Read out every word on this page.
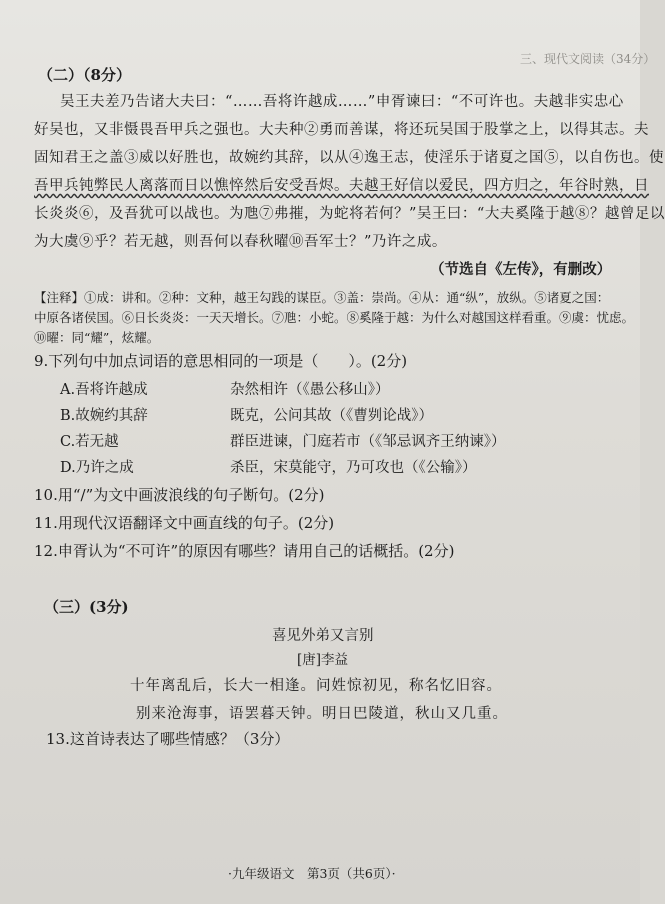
三、现代文阅读（34分）
（二）（8分）
吴王夫差乃告诸大夫曰：“……吾将许越成……”申胥谏曰：“不可许也。夫越非实忠心
好吴也，又非慑畏吾甲兵之强也。大夫种②勇而善谋，将还玩吴国于股掌之上，以得其志。夫
固知君王之盖③威以好胜也，故婉约其辞，以从④逸王志，使淫乐于诸夏之国⑤，以自伤也。使
吾甲兵钝弊民人离落而日以憔悴然后安受吾烬。夫越王好信以爱民，四方归之，年谷时熟，日
长炎炎⑥，及吾犹可以战也。为虺⑦弗摧，为蛇将若何？”吴王曰：“大夫奚隆于越⑧？越曾足以
为大虞⑨乎？若无越，则吾何以春秋曜⑩吾军士？”乃许之成。
（节选自《左传》，有删改）
【注释】①成：讲和。②种：文种，越王勾践的谋臣。③盖：崇尚。④从：通“纵”，放纵。⑤诸夏之国：
中原各诸侯国。⑥日长炎炎：一天天增长。⑦虺：小蛇。⑧奚隆于越：为什么对越国这样看重。⑨虞：忧虑。
⑩曜：同“耀”，炫耀。
9.下列句中加点词语的意思相同的一项是（　　）。(2分)
A.吾将许越成	杂然相许（《愚公移山》）
B.故婉约其辞	既克，公问其故（《曹刿论战》）
C.若无越	群臣进谏，门庭若市（《邹忌讽齐王纳谏》）
D.乃许之成	杀臣，宋莫能守，乃可攻也（《公输》）
10.用“/”为文中画波浪线的句子断句。(2分)
11.用现代汉语翻译文中画直线的句子。(2分)
12.申胥认为“不可许”的原因有哪些？请用自己的话概括。(2分)
（三）(3分)
喜见外弟又言别
[唐]李益
十年离乱后，长大一相逢。问姓惊初见，称名忆旧容。
别来沧海事，语罢暮天钟。明日巴陵道，秋山又几重。
13.这首诗表达了哪些情感？（3分）
·九年级语文　第3页（共6页）·
